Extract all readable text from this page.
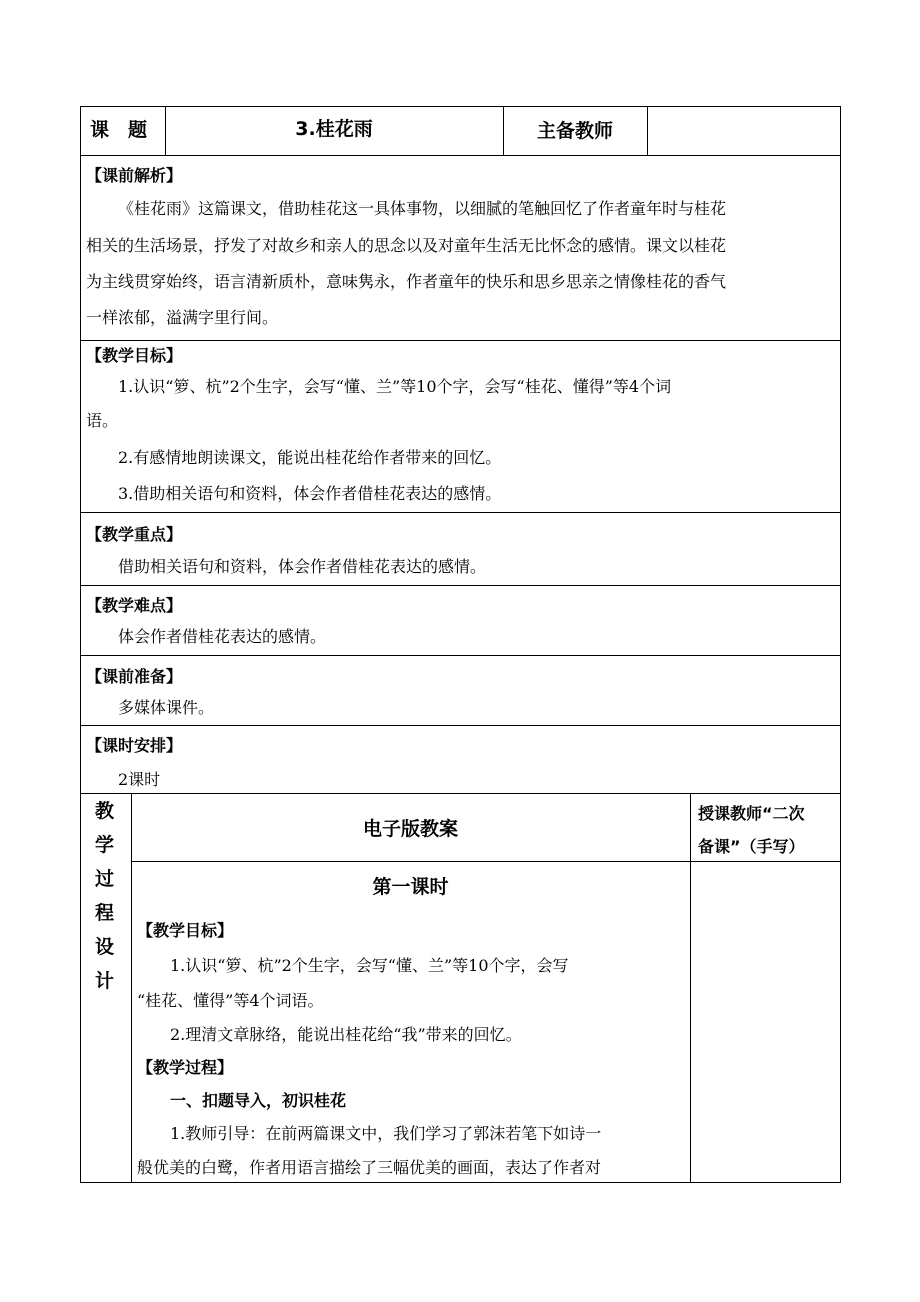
课　题	3.桂花雨	主备教师
【课前解析】
《桂花雨》这篇课文，借助桂花这一具体事物，以细腻的笔触回忆了作者童年时与桂花
相关的生活场景，抒发了对故乡和亲人的思念以及对童年生活无比怀念的感情。课文以桂花
为主线贯穿始终，语言清新质朴，意味隽永，作者童年的快乐和思乡思亲之情像桂花的香气
一样浓郁，溢满字里行间。
【教学目标】
1.认识“箩、杭”2个生字，会写“懂、兰”等10个字，会写“桂花、懂得”等4个词
语。
2.有感情地朗读课文，能说出桂花给作者带来的回忆。
3.借助相关语句和资料，体会作者借桂花表达的感情。
【教学重点】
借助相关语句和资料，体会作者借桂花表达的感情。
【教学难点】
体会作者借桂花表达的感情。
【课前准备】
多媒体课件。
【课时安排】
2课时
教
学
过
程
设
计
电子版教案
授课教师“二次
备课”（手写）
第一课时
【教学目标】
1.认识“箩、杭”2个生字，会写“懂、兰”等10个字，会写
“桂花、懂得”等4个词语。
2.理清文章脉络，能说出桂花给“我”带来的回忆。
【教学过程】
一、扣题导入，初识桂花
1.教师引导：在前两篇课文中，我们学习了郭沫若笔下如诗一
般优美的白鹭，作者用语言描绘了三幅优美的画面，表达了作者对
